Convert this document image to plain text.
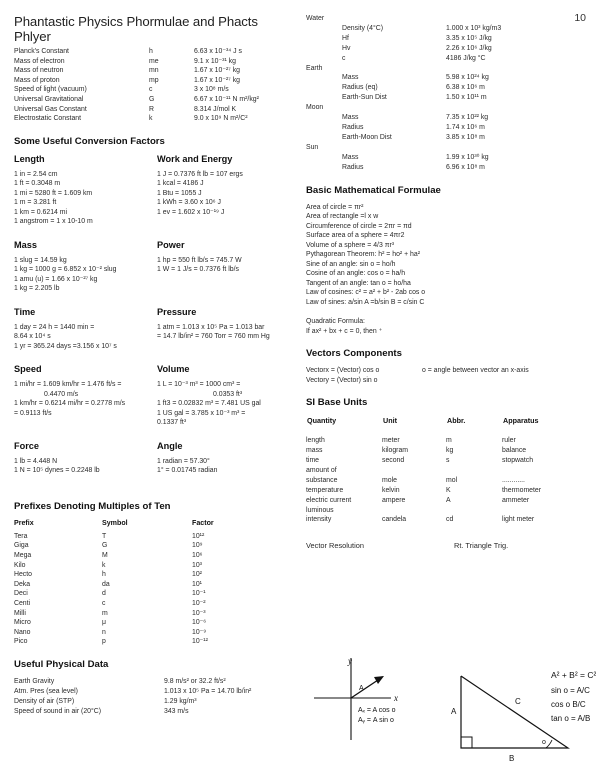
10
Phantastic Physics Phormulae and Phacts Phlyer
Planck's Constant	h	6.63 x 10⁻³⁴ J s
Mass of electron	me	9.1 x 10⁻³¹ kg
Mass of neutron	mn	1.67 x 10⁻²⁷ kg
Mass of proton	mp	1.67 x 10⁻²⁷ kg
Speed of light (vacuum)	c	3 x 10⁸ m/s
Universal Gravitational	G	6.67 x 10⁻¹¹ N m²/kg²
Universal Gas Constant	R	8.314 J/mol K
Electrostatic Constant	k	9.0 x 10⁹ N m²/C²
Some Useful Conversion Factors
Length	Work and Energy

1 in = 2.54 cm
1 ft = 0.3048 m
1 mi = 5280 ft = 1.609 km
1 m = 3.281 ft
1 km = 0.6214 mi
1 angstrom = 1 x 10-10 m

1 J = 0.7376 ft lb = 107 ergs
1 kcal = 4186 J
1 Btu = 1055 J
1 kWh = 3.60 x 10⁶ J
1 ev = 1.602 x 10⁻¹⁹ J
Mass	Power

1 slug = 14.59 kg
1 kg = 1000 g = 6.852 x 10⁻² slug
1 amu (u) = 1.66 x 10⁻²⁷ kg
1 kg = 2.205 lb

1 hp = 550 ft lb/s = 745.7 W
1 W = 1 J/s = 0.7376 ft lb/s
Time	Pressure

1 day = 24 h = 1440 min =
8.64 x 10⁴ s
1 yr = 365.24 days =3.156 x 10⁷ s

1 atm = 1.013 x 10⁵ Pa = 1.013 bar
= 14.7 lb/in² = 760 Torr = 760 mm Hg
Speed	Volume

1 mi/hr = 1.609 km/hr = 1.476 ft/s =
0.4470 m/s
1 km/hr = 0.6214 mi/hr = 0.2778 m/s
= 0.9113 ft/s

1 L = 10⁻³ m³ = 1000 cm³ =
0.0353 ft³
1 ft3 = 0.02832 m³ = 7.481 US gal
1 US gal = 3.785 x 10⁻³ m³ =
0.1337 ft³
Force	Angle

1 lb = 4.448 N
1 N = 10⁵ dynes = 0.2248 lb

1 radian = 57.30°
1° = 0.01745 radian
Prefixes Denoting Multiples of Ten
Prefix	Symbol	Factor
Tera	T	10¹²
Giga	G	10⁹
Mega	M	10⁶
Kilo	k	10³
Hecto	h	10²
Deka	da	10¹
Deci	d	10⁻¹
Centi	c	10⁻²
Milli	m	10⁻³
Micro	μ	10⁻⁶
Nano	n	10⁻⁹
Pico	p	10⁻¹²
Useful Physical Data
Earth Gravity	9.8 m/s² or 32.2 ft/s²
Atm. Pres (sea level)	1.013 x 10⁵ Pa = 14.70 lb/in²
Density of air (STP)	1.29 kg/m³
Speed of sound in air (20°C)	343 m/s
Water		
	Density (4°C)	1.000 x 10³ kg/m3
	Hf	3.35 x 10⁵ J/kg
	Hv	2.26 x 10⁶ J/kg
	c	4186 J/kg °C
Earth		
	Mass	5.98 x 10²⁴ kg
	Radius (eq)	6.38 x 10⁶ m
	Earth-Sun Dist	1.50 x 10¹¹ m
Moon		
	Mass	7.35 x 10²² kg
	Radius	1.74 x 10⁶ m
	Earth-Moon Dist	3.85 x 10⁸ m
Sun		
	Mass	1.99 x 10³⁰ kg
	Radius	6.96 x 10⁸ m
Basic Mathematical Formulae
Area of circle = πr²
Area of rectangle =l x w
Circumference of circle = 2πr = πd
Surface area of a sphere = 4πr2
Volume of a sphere = 4/3 πr³
Pythagorean Theorem: h² = ho² + ha²
Sine of an angle: sin o = ho/h
Cosine of an angle: cos o = ha/h
Tangent of an angle: tan o = ho/ha
Law of cosines: c² = a² + b² - 2ab cos o
Law of sines: a/sin A =b/sin B = c/sin C
Quadratic Formula:
If ax² + bx + c = 0, then ⁺
Vectors Components
Vectorx = (Vector) cos o
Vectory = (Vector) sin o
o = angle between vector an x-axis
SI Base Units
Quantity	Unit	Abbr.	Apparatus
length	meter	m	ruler
mass	kilogram	kg	balance
time	second	s	stopwatch
amount of			
substance	mole	mol	............
temperature	kelvin	K	thermometer
electric current	ampere	A	ammeter
luminous			
intensity	candela	cd	light meter
Vector Resolution	Rt. Triangle Trig.
y
x
A
Aₓ = A cos o
Aᵧ = A sin o
A
B
C
o
A² + B² = C²
sin o = A/C
cos o B/C
tan o = A/B
